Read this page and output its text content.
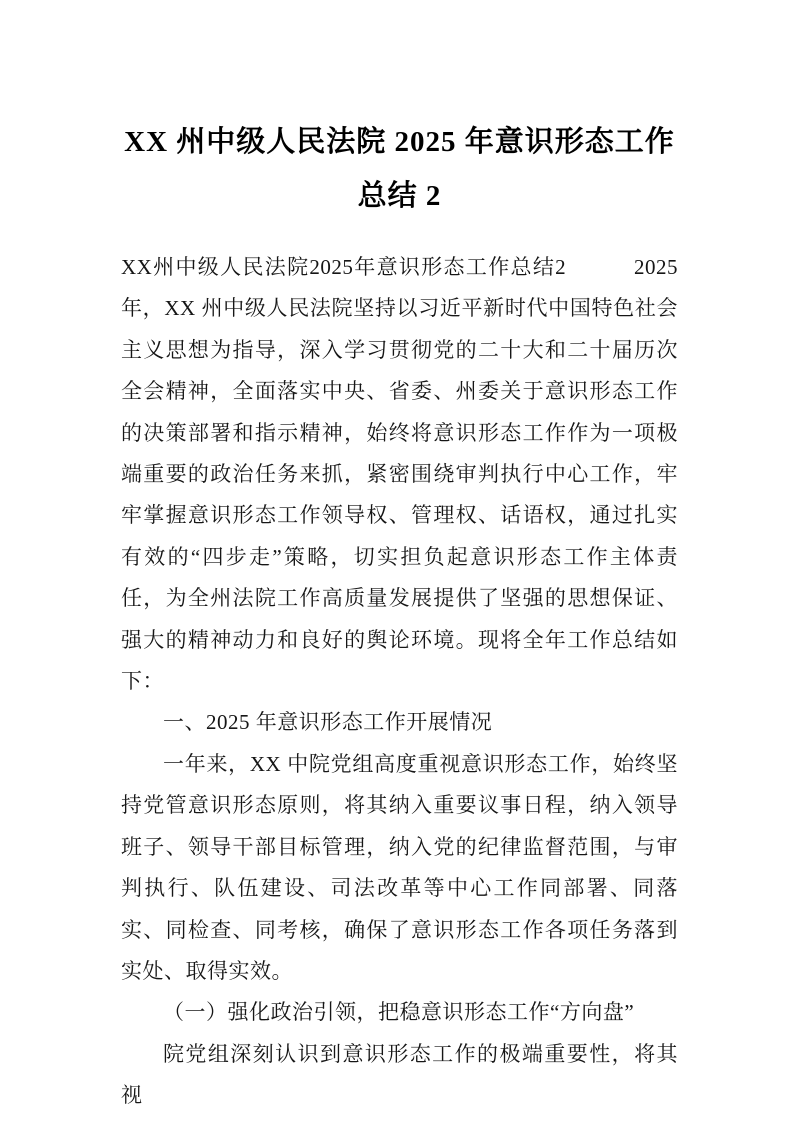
XX 州中级人民法院 2025 年意识形态工作总结 2

XX州中级人民法院2025年意识形态工作总结2　　　2025年，XX 州中级人民法院坚持以习近平新时代中国特色社会主义思想为指导，深入学习贯彻党的二十大和二十届历次全会精神，全面落实中央、省委、州委关于意识形态工作的决策部署和指示精神，始终将意识形态工作作为一项极端重要的政治任务来抓，紧密围绕审判执行中心工作，牢牢掌握意识形态工作领导权、管理权、话语权，通过扎实有效的“四步走”策略，切实担负起意识形态工作主体责任，为全州法院工作高质量发展提供了坚强的思想保证、强大的精神动力和良好的舆论环境。现将全年工作总结如下：

一、2025 年意识形态工作开展情况

一年来，XX 中院党组高度重视意识形态工作，始终坚持党管意识形态原则，将其纳入重要议事日程，纳入领导班子、领导干部目标管理，纳入党的纪律监督范围，与审判执行、队伍建设、司法改革等中心工作同部署、同落实、同检查、同考核，确保了意识形态工作各项任务落到实处、取得实效。

（一）强化政治引领，把稳意识形态工作“方向盘”

院党组深刻认识到意识形态工作的极端重要性，将其视
